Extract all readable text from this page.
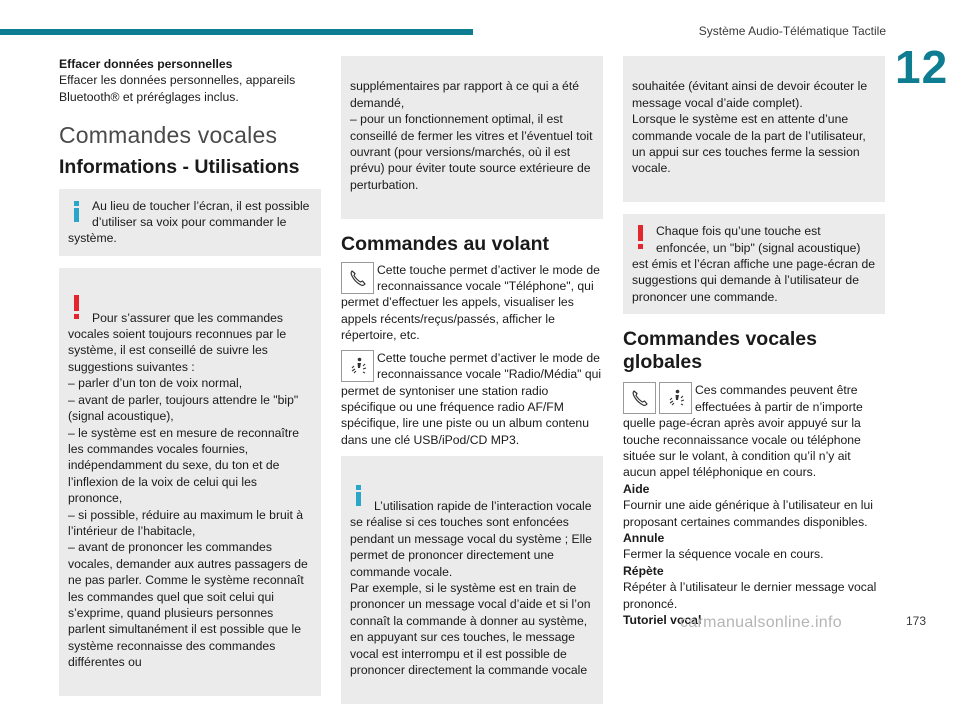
Système Audio-Télématique Tactile
12
Effacer données personnelles
Effacer les données personnelles, appareils Bluetooth® et préréglages inclus.
Commandes vocales
Informations - Utilisations
Au lieu de toucher l’écran, il est possible d’utiliser sa voix pour commander le système.

Pour s’assurer que les commandes vocales soient toujours reconnues par le système, il est conseillé de suivre les suggestions suivantes :
– parler d’un ton de voix normal,
– avant de parler, toujours attendre le "bip" (signal acoustique),
– le système est en mesure de reconnaître les commandes vocales fournies, indépendamment du sexe, du ton et de l’inflexion de la voix de celui qui les prononce,
– si possible, réduire au maximum le bruit à l’intérieur de l’habitacle,
– avant de prononcer les commandes vocales, demander aux autres passagers de ne pas parler. Comme le système reconnaît les commandes quel que soit celui qui s’exprime, quand plusieurs personnes parlent simultanément il est possible que le système reconnaisse des commandes différentes ou

supplémentaires par rapport à ce qui a été demandé,
– pour un fonctionnement optimal, il est conseillé de fermer les vitres et l’éventuel toit ouvrant (pour versions/marchés, où il est prévu) pour éviter toute source extérieure de perturbation.

Commandes au volant
Cette touche permet d’activer le mode de reconnaissance vocale "Téléphone", qui permet d’effectuer les appels, visualiser les appels récents/reçus/passés, afficher le répertoire, etc.
Cette touche permet d’activer le mode de reconnaissance vocale "Radio/Média" qui permet de syntoniser une station radio spécifique ou une fréquence radio AF/FM spécifique, lire une piste ou un album contenu dans une clé USB/iPod/CD MP3.

L’utilisation rapide de l’interaction vocale se réalise si ces touches sont enfoncées pendant un message vocal du système ; Elle permet de prononcer directement une commande vocale.
Par exemple, si le système est en train de prononcer un message vocal d’aide et si l’on connaît la commande à donner au système, en appuyant sur ces touches, le message vocal est interrompu et il est possible de prononcer directement la commande vocale

souhaitée (évitant ainsi de devoir écouter le message vocal d’aide complet).
Lorsque le système est en attente d’une commande vocale de la part de l’utilisateur, un appui sur ces touches ferme la session vocale.

Chaque fois qu’une touche est enfoncée, un "bip" (signal acoustique) est émis et l’écran affiche une page-écran de suggestions qui demande à l’utilisateur de prononcer une commande.
Commandes vocales globales
Ces commandes peuvent être effectuées à partir de n’importe quelle page-écran après avoir appuyé sur la touche reconnaissance vocale ou téléphone située sur le volant, à condition qu’il n’y ait aucun appel téléphonique en cours.
Aide
Fournir une aide générique à l’utilisateur en lui proposant certaines commandes disponibles.
Annule
Fermer la séquence vocale en cours.
Répète
Répéter à l’utilisateur le dernier message vocal prononcé.
Tutoriel vocal
carmanualsonline.info	173
